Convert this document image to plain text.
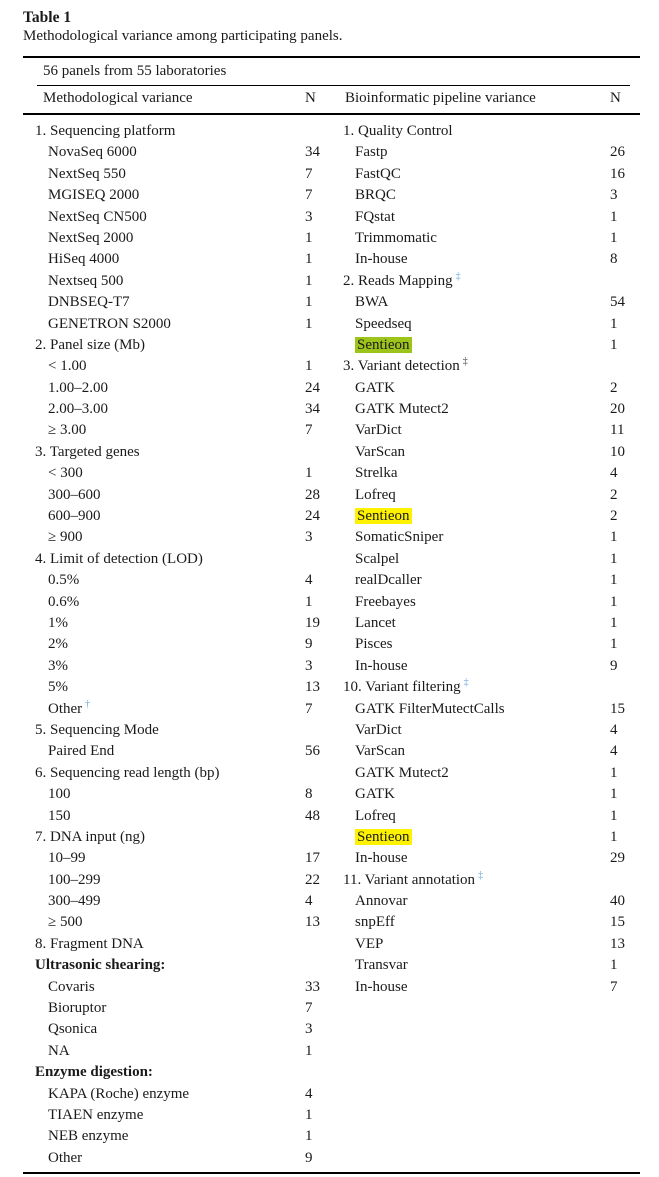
Table 1
Methodological variance among participating panels.
56 panels from 55 laboratories
Methodological variance	N Bioinformatic pipeline variance	N
1. Sequencing platform
NovaSeq 6000	34
NextSeq 550	7
MGISEQ 2000	7
NextSeq CN500	3
NextSeq 2000	1
HiSeq 4000	1
Nextseq 500	1
DNBSEQ-T7	1
GENETRON S2000	1
2. Panel size (Mb)
< 1.00	1
1.00–2.00	24
2.00–3.00	34
≥ 3.00	7
3. Targeted genes
< 300	1
300–600	28
600–900	24
≥ 900	3
4. Limit of detection (LOD)
0.5%	4
0.6%	1
1%	19
2%	9
3%	3
5%	13
Other †	7
5. Sequencing Mode
Paired End	56
6. Sequencing read length (bp)
100	8
150	48
7. DNA input (ng)
10–99	17
100–299	22
300–499	4
≥ 500	13
8. Fragment DNA
Ultrasonic shearing:
Covaris	33
Bioruptor	7
Qsonica	3
NA	1
Enzyme digestion:
KAPA (Roche) enzyme	4
TIAEN enzyme	1
NEB enzyme	1
Other	9
1. Quality Control
Fastp	26
FastQC	16
BRQC	3
FQstat	1
Trimmomatic	1
In-house	8
2. Reads Mapping ‡
BWA	54
Speedseq	1
Sentieon	1
3. Variant detection ‡
GATK	2
GATK Mutect2	20
VarDict	11
VarScan	10
Strelka	4
Lofreq	2
Sentieon	2
SomaticSniper	1
Scalpel	1
realDcaller	1
Freebayes	1
Lancet	1
Pisces	1
In-house	9
10. Variant filtering ‡
GATK FilterMutectCalls	15
VarDict	4
VarScan	4
GATK Mutect2	1
GATK	1
Lofreq	1
Sentieon	1
In-house	29
11. Variant annotation ‡
Annovar	40
snpEff	15
VEP	13
Transvar	1
In-house	7
